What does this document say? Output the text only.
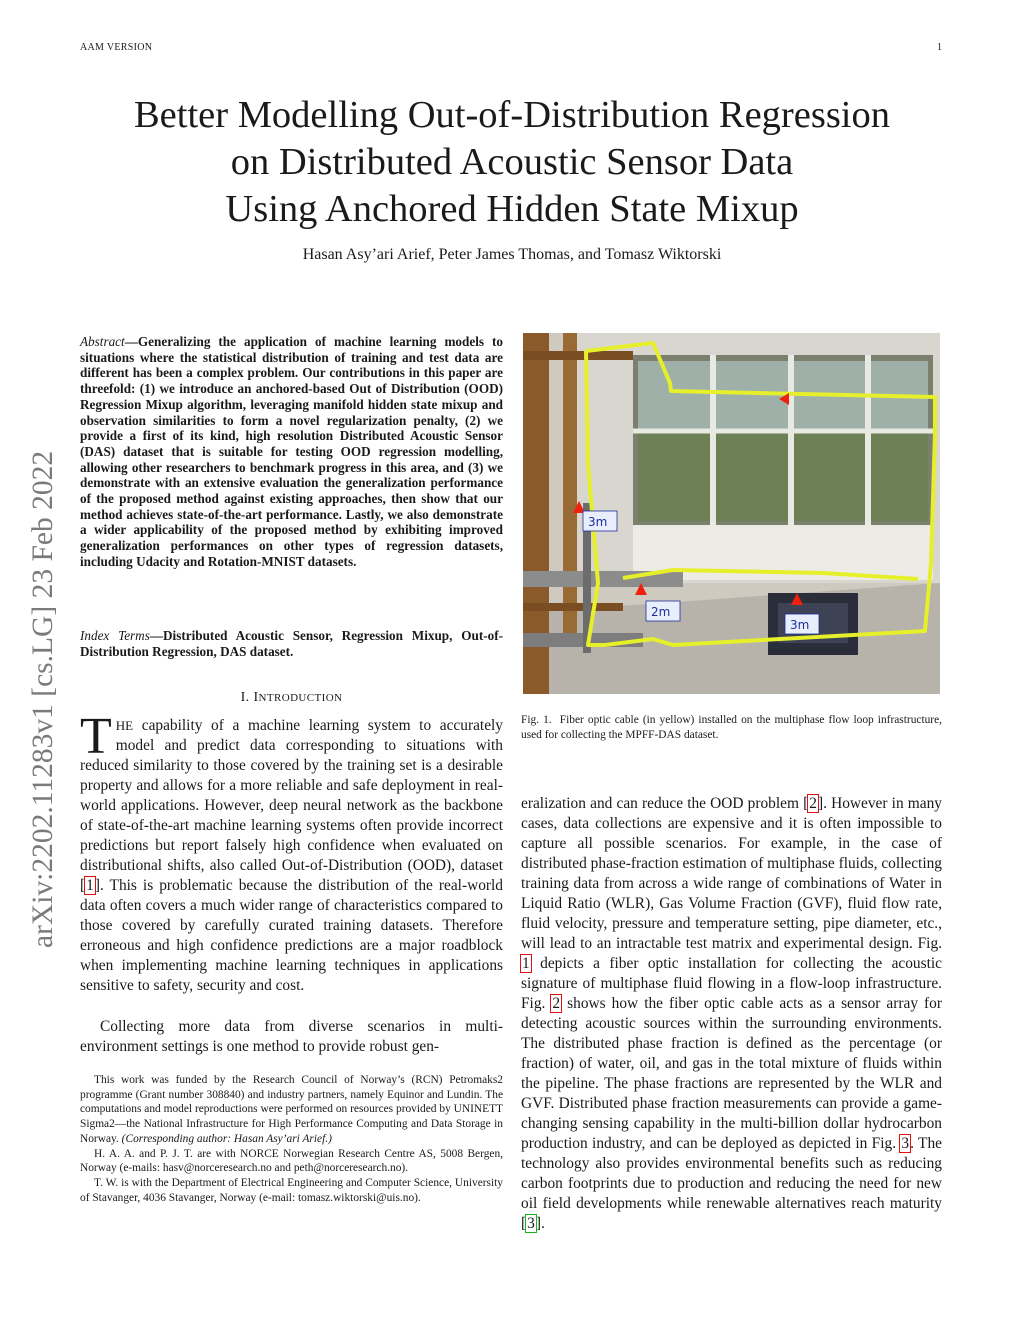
AAM VERSION	1
Better Modelling Out-of-Distribution Regression
on Distributed Acoustic Sensor Data
Using Anchored Hidden State Mixup
Hasan Asy’ari Arief, Peter James Thomas, and Tomasz Wiktorski
arXiv:2202.11283v1 [cs.LG] 23 Feb 2022

Abstract—Generalizing the application of machine learning models to situations where the statistical distribution of training and test data are different has been a complex problem. Our contributions in this paper are threefold: (1) we introduce an anchored-based Out of Distribution (OOD) Regression Mixup algorithm, leveraging manifold hidden state mixup and observation similarities to form a novel regularization penalty, (2) we provide a first of its kind, high resolution Distributed Acoustic Sensor (DAS) dataset that is suitable for testing OOD regression modelling, allowing other researchers to benchmark progress in this area, and (3) we demonstrate with an extensive evaluation the generalization performance of the proposed method against existing approaches, then show that our method achieves state-of-the-art performance. Lastly, we also demonstrate a wider applicability of the proposed method by exhibiting improved generalization performances on other types of regression datasets, including Udacity and Rotation-MNIST datasets.

Index Terms—Distributed Acoustic Sensor, Regression Mixup, Out-of-Distribution Regression, DAS dataset.

I. INTRODUCTION

THE capability of a machine learning system to accurately model and predict data corresponding to situations with reduced similarity to those covered by the training set is a desirable property and allows for a more reliable and safe deployment in real-world applications. However, deep neural network as the backbone of state-of-the-art machine learning systems often provide incorrect predictions but report falsely high confidence when evaluated on distributional shifts, also called Out-of-Distribution (OOD), dataset [1]. This is problematic because the distribution of the real-world data often covers a much wider range of characteristics compared to those covered by carefully curated training datasets. Therefore erroneous and high confidence predictions are a major roadblock when implementing machine learning techniques in applications sensitive to safety, security and cost.

Collecting more data from diverse scenarios in multi-environment settings is one method to provide robust gen-

This work was funded by the Research Council of Norway’s (RCN) Petromaks2 programme (Grant number 308840) and industry partners, namely Equinor and Lundin. The computations and model reproductions were performed on resources provided by UNINETT Sigma2—the National Infrastructure for High Performance Computing and Data Storage in Norway. (Corresponding author: Hasan Asy’ari Arief.)

H. A. A. and P. J. T. are with NORCE Norwegian Research Centre AS, 5008 Bergen, Norway (e-mails: hasv@norceresearch.no and peth@norceresearch.no).

T. W. is with the Department of Electrical Engineering and Computer Science, University of Stavanger, 4036 Stavanger, Norway (e-mail: tomasz.wiktorski@uis.no).

3m
2m
3m
Fig. 1. Fiber optic cable (in yellow) installed on the multiphase flow loop infrastructure, used for collecting the MPFF-DAS dataset.

eralization and can reduce the OOD problem [2]. However in many cases, data collections are expensive and it is often impossible to capture all possible scenarios. For example, in the case of distributed phase-fraction estimation of multiphase fluids, collecting training data from across a wide range of combinations of Water in Liquid Ratio (WLR), Gas Volume Fraction (GVF), fluid flow rate, fluid velocity, pressure and temperature setting, pipe diameter, etc., will lead to an intractable test matrix and experimental design. Fig. 1 depicts a fiber optic installation for collecting the acoustic signature of multiphase fluid flowing in a flow-loop infrastructure. Fig. 2 shows how the fiber optic cable acts as a sensor array for detecting acoustic sources within the surrounding environments. The distributed phase fraction is defined as the percentage (or fraction) of water, oil, and gas in the total mixture of fluids within the pipeline. The phase fractions are represented by the WLR and GVF. Distributed phase fraction measurements can provide a game-changing sensing capability in the multi-billion dollar hydrocarbon production industry, and can be deployed as depicted in Fig. 3. The technology also provides environmental benefits such as reducing carbon footprints due to production and reducing the need for new oil field developments while renewable alternatives reach maturity [3].
